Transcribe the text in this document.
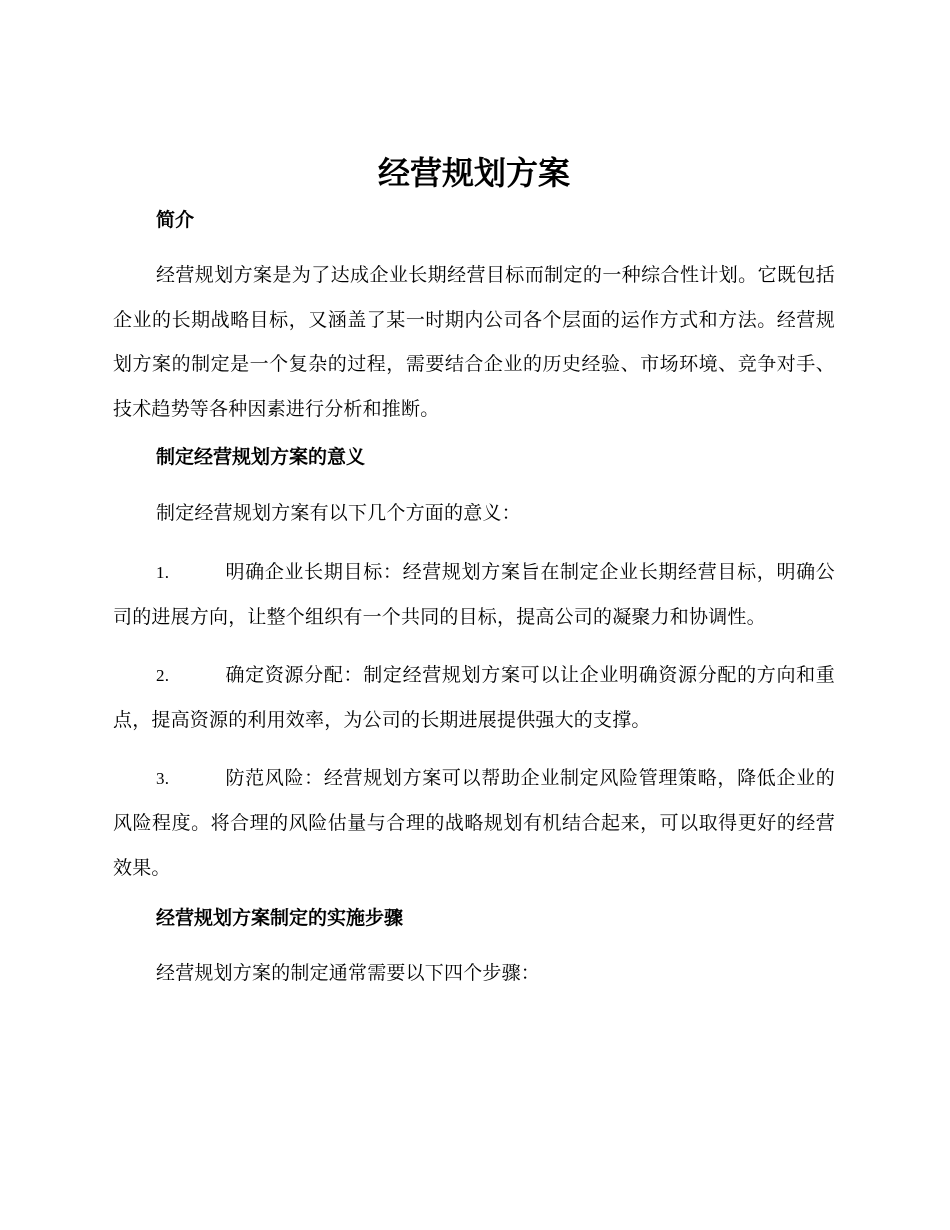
经营规划方案

简介

经营规划方案是为了达成企业长期经营目标而制定的一种综合性计划。它既包括企业的长期战略目标，又涵盖了某一时期内公司各个层面的运作方式和方法。经营规划方案的制定是一个复杂的过程，需要结合企业的历史经验、市场环境、竞争对手、技术趋势等各种因素进行分析和推断。

制定经营规划方案的意义

制定经营规划方案有以下几个方面的意义：

1.	明确企业长期目标：经营规划方案旨在制定企业长期经营目标，明确公司的进展方向，让整个组织有一个共同的目标，提高公司的凝聚力和协调性。

2.	确定资源分配：制定经营规划方案可以让企业明确资源分配的方向和重点，提高资源的利用效率，为公司的长期进展提供强大的支撑。

3.	防范风险：经营规划方案可以帮助企业制定风险管理策略，降低企业的风险程度。将合理的风险估量与合理的战略规划有机结合起来，可以取得更好的经营效果。

经营规划方案制定的实施步骤

经营规划方案的制定通常需要以下四个步骤：
